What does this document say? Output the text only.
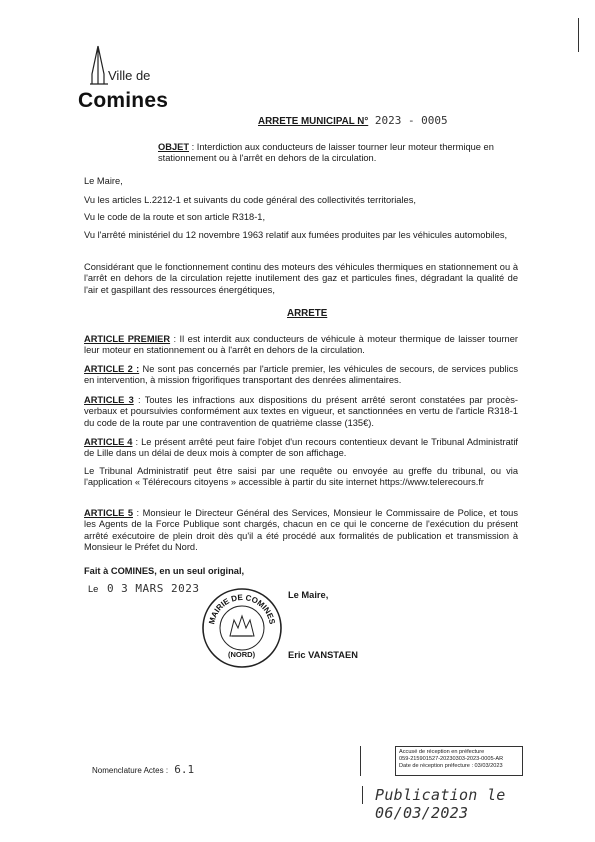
Ville de
Comines
ARRETE MUNICIPAL N° 2023 - 0005
OBJET : Interdiction aux conducteurs de laisser tourner leur moteur thermique en stationnement ou à l'arrêt en dehors de la circulation.

Le Maire,

Vu les articles L.2212-1 et suivants du code général des collectivités territoriales,

Vu le code de la route et son article R318-1,

Vu l'arrêté ministériel du 12 novembre 1963 relatif aux fumées produites par les véhicules automobiles,

Considérant que le fonctionnement continu des moteurs des véhicules thermiques en stationnement ou à l'arrêt en dehors de la circulation rejette inutilement des gaz et particules fines, dégradant la qualité de l'air et gaspillant des ressources énergétiques,

ARRETE

ARTICLE PREMIER : Il est interdit aux conducteurs de véhicule à moteur thermique de laisser tourner leur moteur en stationnement ou à l'arrêt en dehors de la circulation.

ARTICLE 2 : Ne sont pas concernés par l'article premier, les véhicules de secours, de services publics en intervention, à mission frigorifiques transportant des denrées alimentaires.

ARTICLE 3 : Toutes les infractions aux dispositions du présent arrêté seront constatées par procès-verbaux et poursuivies conformément aux textes en vigueur, et sanctionnées en vertu de l'article R318-1 du code de la route par une contravention de quatrième classe (135€).

ARTICLE 4 : Le présent arrêté peut faire l'objet d'un recours contentieux devant le Tribunal Administratif de Lille dans un délai de deux mois à compter de son affichage.

Le Tribunal Administratif peut être saisi par une requête ou envoyée au greffe du tribunal, ou via l'application « Télérecours citoyens » accessible à partir du site internet https://www.telerecours.fr

ARTICLE 5 : Monsieur le Directeur Général des Services, Monsieur le Commissaire de Police, et tous les Agents de la Force Publique sont chargés, chacun en ce qui le concerne de l'exécution du présent arrêté exécutoire de plein droit dès qu'il a été procédé aux formalités de publication et transmission à Monsieur le Préfet du Nord.

Fait à COMINES, en un seul original,
Le 0 3 MARS 2023	Le Maire,
MAIRIE DE COMINES
(NORD)	Eric VANSTAEN
Nomenclature Actes : 6.1
Accusé de réception en préfecture
059-215901527-20230303-2023-0005-AR
Date de réception préfecture : 03/03/2023
Publication le 06/03/2023
